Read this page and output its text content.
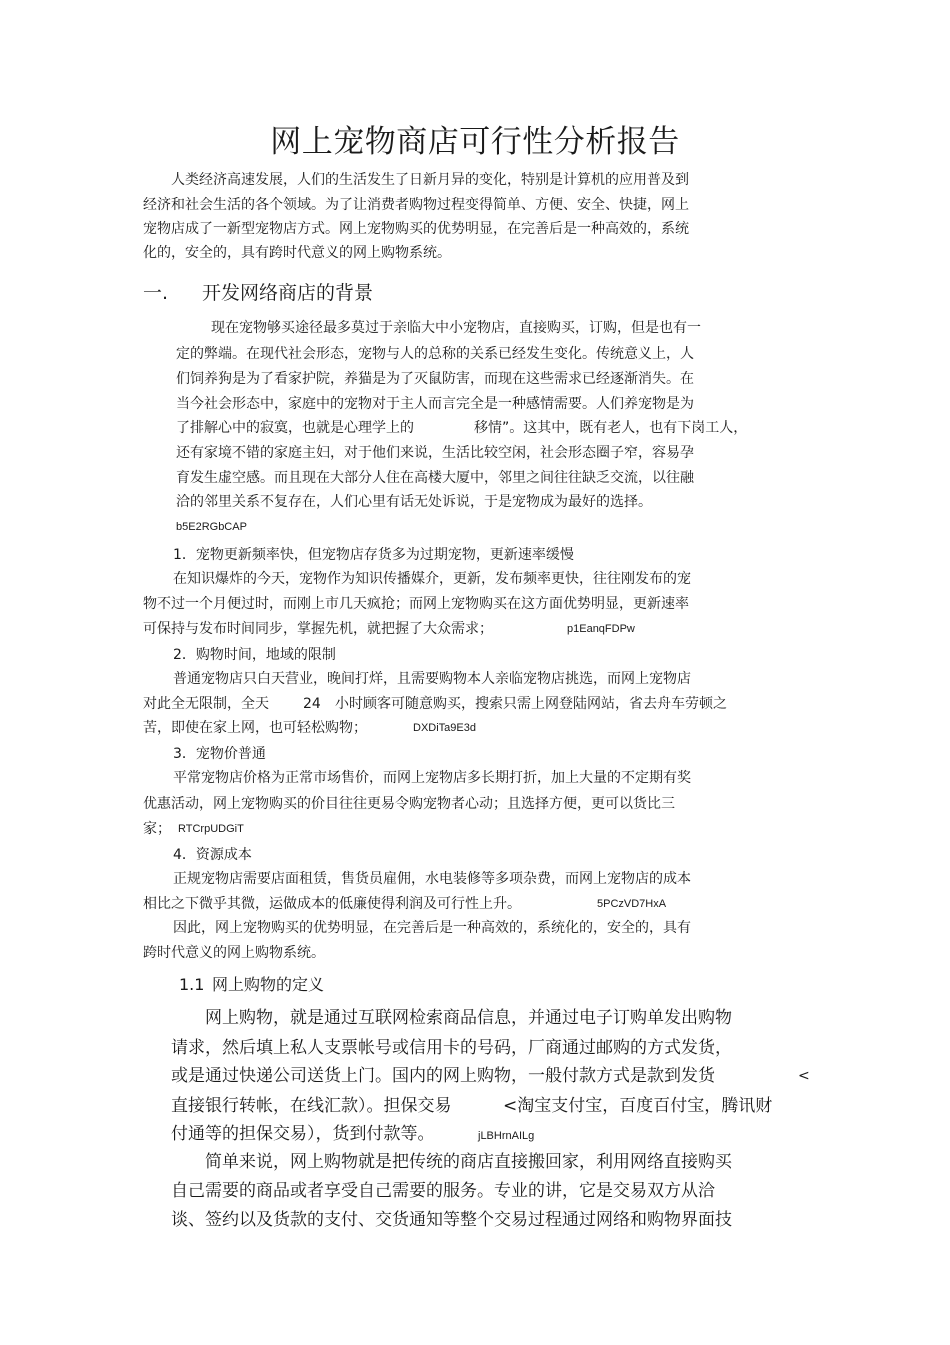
网上宠物商店可行性分析报告
人类经济高速发展，人们的生活发生了日新月异的变化，特别是计算机的应用普及到
经济和社会生活的各个领域。为了让消费者购物过程变得简单、方便、安全、快捷，网上
宠物店成了一新型宠物店方式。网上宠物购买的优势明显，在完善后是一种高效的，系统
化的，安全的，具有跨时代意义的网上购物系统。
一. 开发网络商店的背景
现在宠物够买途径最多莫过于亲临大中小宠物店，直接购买，订购，但是也有一
定的弊端。在现代社会形态，宠物与人的总称的关系已经发生变化。传统意义上，人
们饲养狗是为了看家护院，养猫是为了灭鼠防害，而现在这些需求已经逐渐消失。在
当今社会形态中，家庭中的宠物对于主人而言完全是一种感情需要。人们养宠物是为
了排解心中的寂寞，也就是心理学上的	移情”。这其中，既有老人，也有下岗工人，
还有家境不错的家庭主妇，对于他们来说，生活比较空闲，社会形态圈子窄，容易孕
育发生虚空感。而且现在大部分人住在高楼大厦中，邻里之间往往缺乏交流，以往融
洽的邻里关系不复存在，人们心里有话无处诉说，于是宠物成为最好的选择。
b5E2RGbCAP
1．宠物更新频率快，但宠物店存货多为过期宠物，更新速率缓慢
在知识爆炸的今天，宠物作为知识传播媒介，更新，发布频率更快，往往刚发布的宠
物不过一个月便过时，而刚上市几天疯抢；而网上宠物购买在这方面优势明显，更新速率
可保持与发布时间同步，掌握先机，就把握了大众需求；	p1EanqFDPw
2．购物时间，地域的限制
普通宠物店只白天营业，晚间打烊，且需要购物本人亲临宠物店挑选，而网上宠物店
对此全无限制，全天 24 小时顾客可随意购买，搜索只需上网登陆网站，省去舟车劳顿之
苦，即使在家上网，也可轻松购物；	DXDiTa9E3d
3．宠物价普通
平常宠物店价格为正常市场售价，而网上宠物店多长期打折，加上大量的不定期有奖
优惠活动，网上宠物购买的价目往往更易令购宠物者心动；且选择方便，更可以货比三
家； RTCrpUDGiT
4．资源成本
正规宠物店需要店面租赁，售货员雇佣，水电装修等多项杂费，而网上宠物店的成本
相比之下微乎其微，运做成本的低廉使得利润及可行性上升。	5PCzVD7HxA
因此，网上宠物购买的优势明显，在完善后是一种高效的，系统化的，安全的，具有
跨时代意义的网上购物系统。
1.1 网上购物的定义
网上购物，就是通过互联网检索商品信息，并通过电子订购单发出购物
请求，然后填上私人支票帐号或信用卡的号码，厂商通过邮购的方式发货，
或是通过快递公司送货上门。国内的网上购物，一般付款方式是款到发货	<
直接银行转帐，在线汇款）。担保交易	<淘宝支付宝，百度百付宝，腾讯财
付通等的担保交易），货到付款等。	jLBHrnAILg
简单来说，网上购物就是把传统的商店直接搬回家，利用网络直接购买
自己需要的商品或者享受自己需要的服务。专业的讲，它是交易双方从洽
谈、签约以及货款的支付、交货通知等整个交易过程通过网络和购物界面技
